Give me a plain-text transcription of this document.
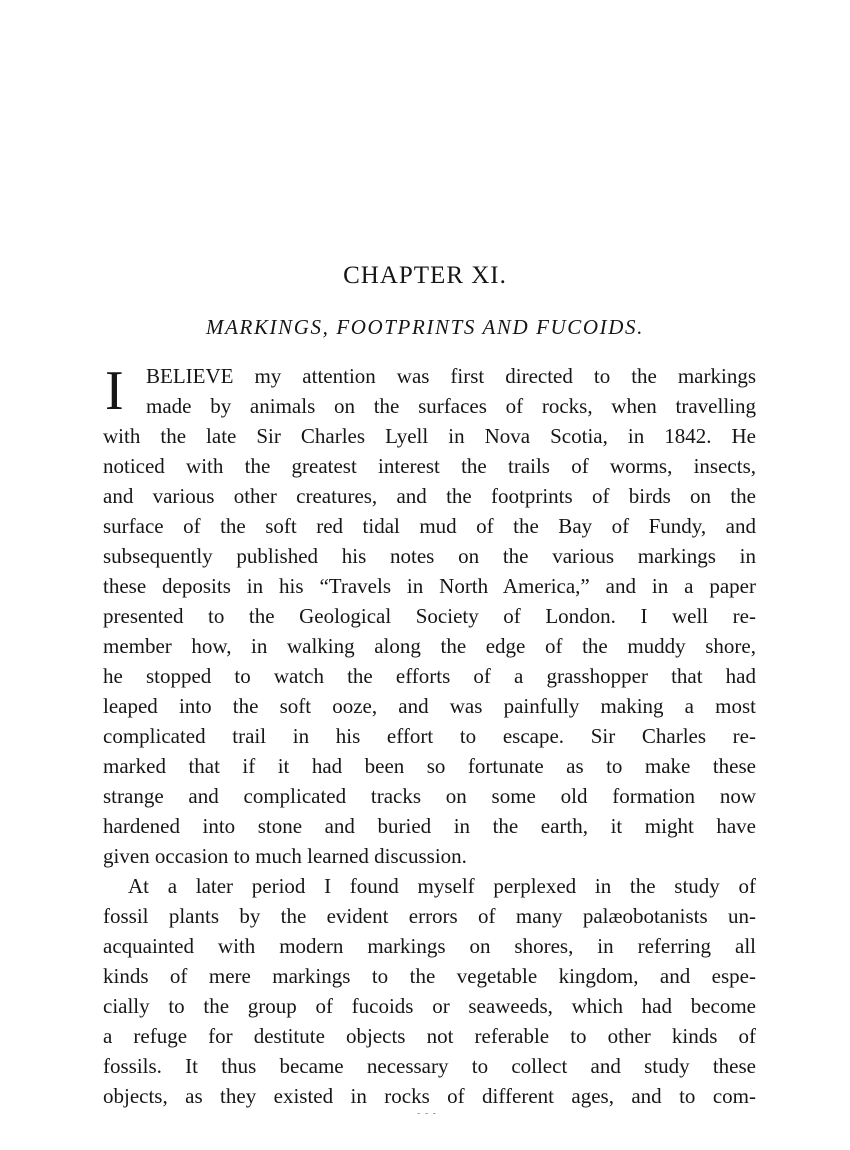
CHAPTER XI.
MARKINGS, FOOTPRINTS AND FUCOIDS.
I	BELIEVE my attention was first directed to the markings
made by animals on the surfaces of rocks, when travelling
with the late Sir Charles Lyell in Nova Scotia, in 1842. He
noticed with the greatest interest the trails of worms, insects,
and various other creatures, and the footprints of birds on the
surface of the soft red tidal mud of the Bay of Fundy, and
subsequently published his notes on the various markings in
these deposits in his “Travels in North America,” and in a paper
presented to the Geological Society of London. I well re-
member how, in walking along the edge of the muddy shore,
he stopped to watch the efforts of a grasshopper that had
leaped into the soft ooze, and was painfully making a most
complicated trail in his effort to escape. Sir Charles re-
marked that if it had been so fortunate as to make these
strange and complicated tracks on some old formation now
hardened into stone and buried in the earth, it might have
given occasion to much learned discussion.
At a later period I found myself perplexed in the study of
fossil plants by the evident errors of many palæobotanists un-
acquainted with modern markings on shores, in referring all
kinds of mere markings to the vegetable kingdom, and espe-
cially to the group of fucoids or seaweeds, which had become
a refuge for destitute objects not referable to other kinds of
fossils. It thus became necessary to collect and study these
objects, as they existed in rocks of different ages, and to com-
- - -
